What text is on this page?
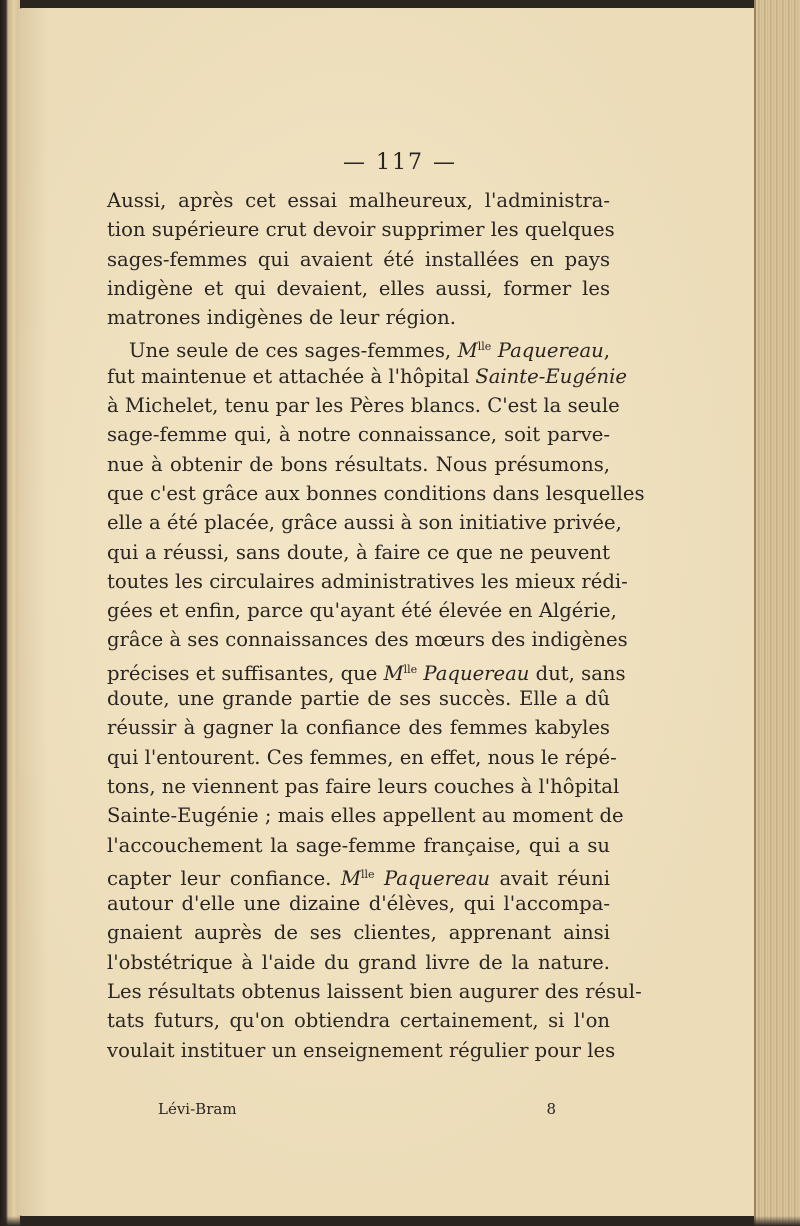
— 117 —
Aussi, après cet essai malheureux, l'administra-
tion supérieure crut devoir supprimer les quelques
sages-femmes qui avaient été installées en pays
indigène et qui devaient, elles aussi, former les
matrones indigènes de leur région.
Une seule de ces sages-femmes, $M^{lle}$ Paquereau,
fut maintenue et attachée à l'hôpital Sainte-Eugénie
à Michelet, tenu par les Pères blancs. C'est la seule
sage-femme qui, à notre connaissance, soit parve-
nue à obtenir de bons résultats. Nous présumons,
que c'est grâce aux bonnes conditions dans lesquelles
elle a été placée, grâce aussi à son initiative privée,
qui a réussi, sans doute, à faire ce que ne peuvent
toutes les circulaires administratives les mieux rédi-
gées et enfin, parce qu'ayant été élevée en Algérie,
grâce à ses connaissances des mœurs des indigènes
précises et suffisantes, que $M^{lle}$ Paquereau dut, sans
doute, une grande partie de ses succès. Elle a dû
réussir à gagner la confiance des femmes kabyles
qui l'entourent. Ces femmes, en effet, nous le répé-
tons, ne viennent pas faire leurs couches à l'hôpital
Sainte-Eugénie ; mais elles appellent au moment de
l'accouchement la sage-femme française, qui a su
capter leur confiance. $M^{lle}$ Paquereau avait réuni
autour d'elle une dizaine d'élèves, qui l'accompa-
gnaient auprès de ses clientes, apprenant ainsi
l'obstétrique à l'aide du grand livre de la nature.
Les résultats obtenus laissent bien augurer des résul-
tats futurs, qu'on obtiendra certainement, si l'on
voulait instituer un enseignement régulier pour les
Lévi-Bram	8
